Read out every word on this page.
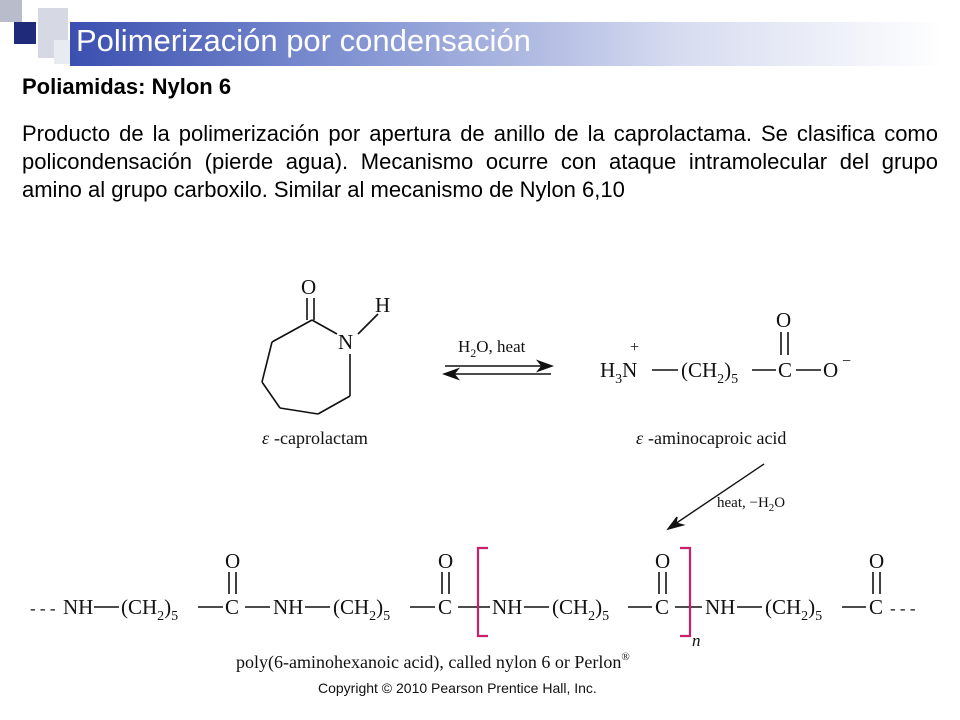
Polimerización por condensación
Poliamidas: Nylon 6
Producto de la polimerización por apertura de anillo de la caprolactama. Se clasifica como policondensación (pierde agua). Mecanismo ocurre con ataque intramolecular del grupo amino al grupo carboxilo. Similar al mecanismo de Nylon 6,10
O
N
H
ε -caprolactam
$H_2O$, heat	+
$H_3N$ $(CH_2)_5$ C
O
O −
ε -aminocaproic acid
heat, $-H_2O$
- - - NH $(CH_2)_5$ C
O
NH $(CH_2)_5$ C
O
NH $(CH_2)_5$ C
O
NH $(CH_2)_5$ C
O
- - -
n
poly(6-aminohexanoic acid), called nylon 6 or Perlon®
Copyright © 2010 Pearson Prentice Hall, Inc.
